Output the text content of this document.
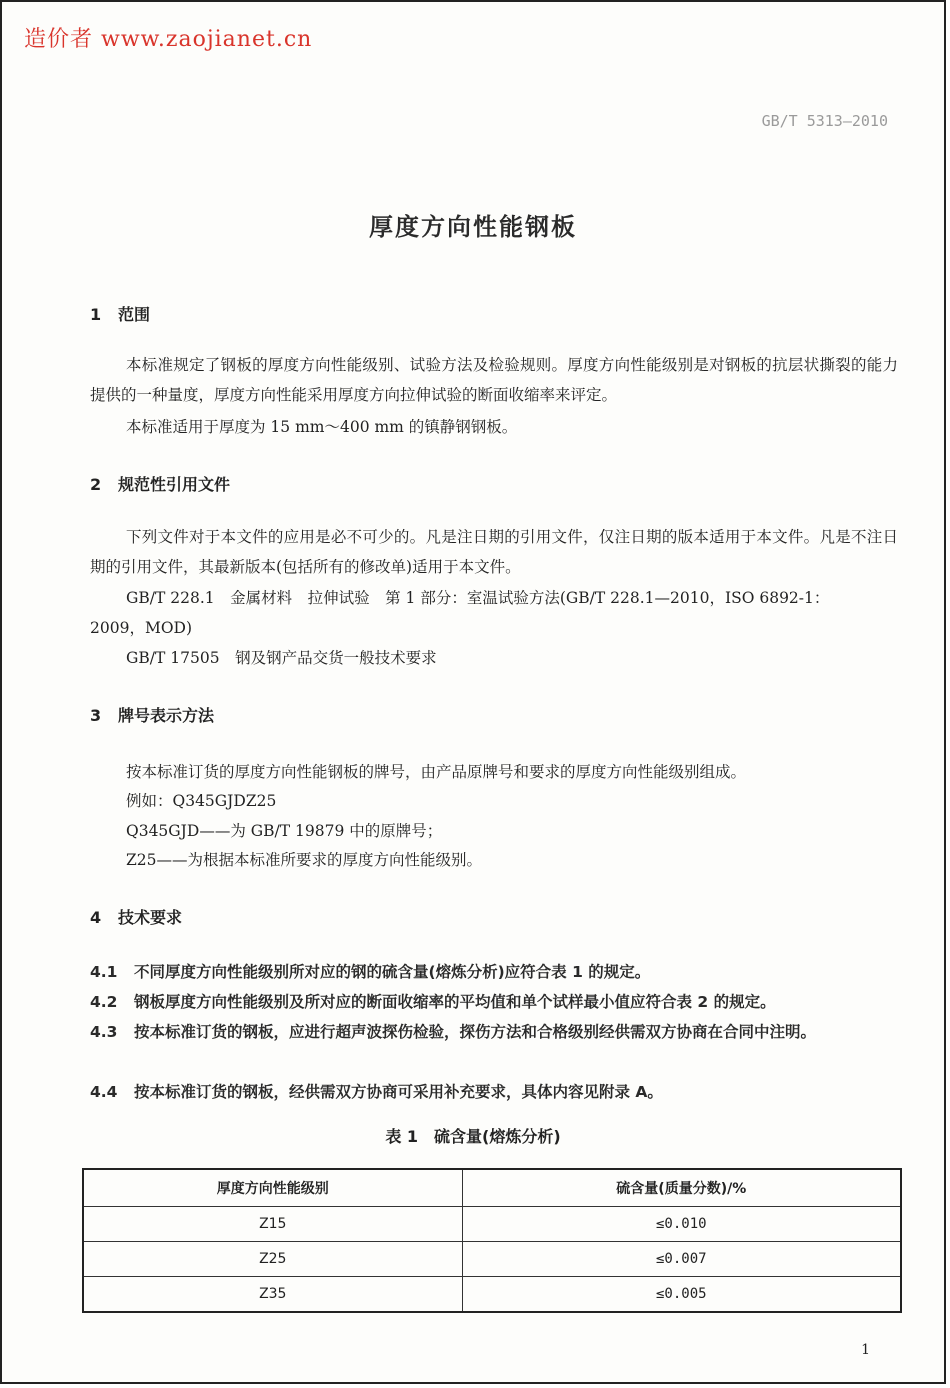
造价者 www.zaojianet.cn
GB/T 5313—2010
厚度方向性能钢板
1 范围
本标准规定了钢板的厚度方向性能级别、试验方法及检验规则。厚度方向性能级别是对钢板的抗层状撕裂的能力提供的一种量度，厚度方向性能采用厚度方向拉伸试验的断面收缩率来评定。
本标准适用于厚度为 15 mm～400 mm 的镇静钢钢板。
2 规范性引用文件
下列文件对于本文件的应用是必不可少的。凡是注日期的引用文件，仅注日期的版本适用于本文件。凡是不注日期的引用文件，其最新版本(包括所有的修改单)适用于本文件。
GB/T 228.1　金属材料　拉伸试验　第 1 部分：室温试验方法(GB/T 228.1—2010，ISO 6892-1：
2009，MOD)
GB/T 17505　钢及钢产品交货一般技术要求
3 牌号表示方法
按本标准订货的厚度方向性能钢板的牌号，由产品原牌号和要求的厚度方向性能级别组成。
例如：Q345GJDZ25
Q345GJD——为 GB/T 19879 中的原牌号；
Z25——为根据本标准所要求的厚度方向性能级别。
4 技术要求
4.1 不同厚度方向性能级别所对应的钢的硫含量(熔炼分析)应符合表 1 的规定。
4.2 钢板厚度方向性能级别及所对应的断面收缩率的平均值和单个试样最小值应符合表 2 的规定。
4.3 按本标准订货的钢板，应进行超声波探伤检验，探伤方法和合格级别经供需双方协商在合同中注明。
4.4 按本标准订货的钢板，经供需双方协商可采用补充要求，具体内容见附录 A。
表 1　硫含量(熔炼分析)
厚度方向性能级别	硫含量(质量分数)/%
Z15	≤0.010
Z25	≤0.007
Z35	≤0.005
1
